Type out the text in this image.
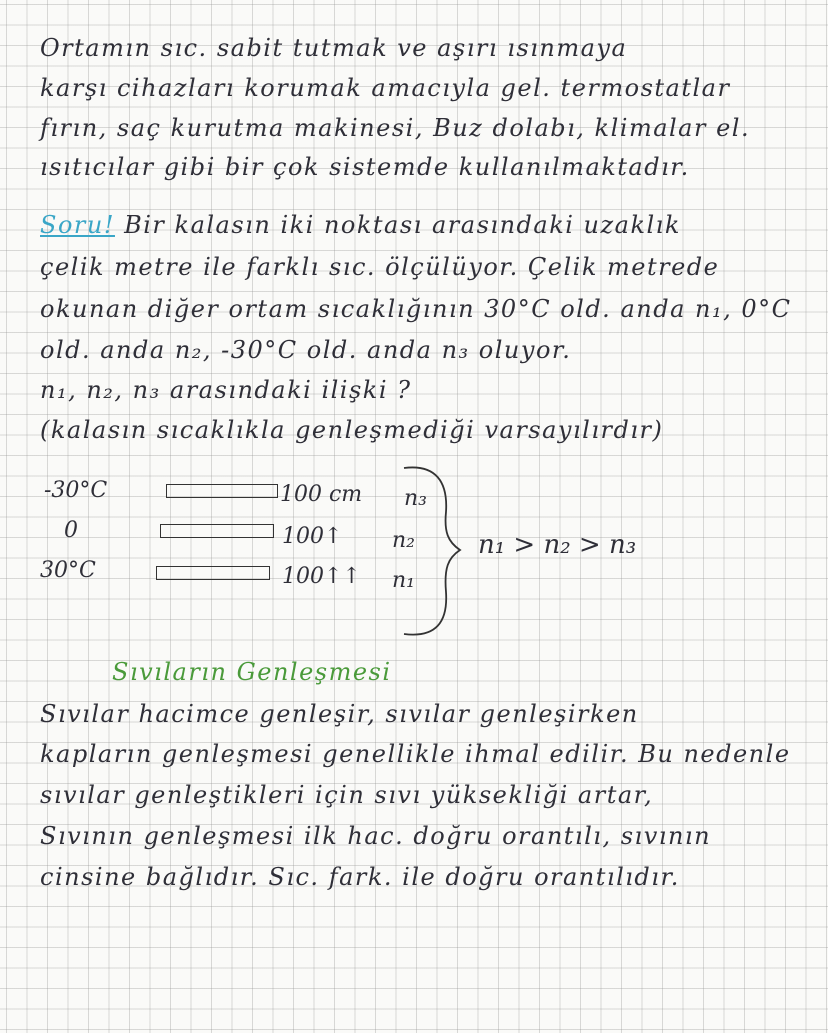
Ortamın sıc. sabit tutmak ve aşırı ısınmaya
karşı cihazları korumak amacıyla gel. termostatlar
fırın, saç kurutma makinesi, Buz dolabı, klimalar el.
ısıtıcılar gibi bir çok sistemde kullanılmaktadır.
Soru! Bir kalasın iki noktası arasındaki uzaklık
çelik metre ile farklı sıc. ölçülüyor. Çelik metrede
okunan diğer ortam sıcaklığının 30°C old. anda n₁, 0°C
old. anda n₂, -30°C old. anda n₃ oluyor.
n₁, n₂, n₃ arasındaki ilişki ?
(kalasın sıcaklıkla genleşmediği varsayılırdır)
-30°C	100 cm n₃
0	100↑ n₂
30°C	100↑↑ n₁
n₁ > n₂ > n₃
Sıvıların Genleşmesi
Sıvılar hacimce genleşir, sıvılar genleşirken
kapların genleşmesi genellikle ihmal edilir. Bu nedenle
sıvılar genleştikleri için sıvı yüksekliği artar,
Sıvının genleşmesi ilk hac. doğru orantılı, sıvının
cinsine bağlıdır. Sıc. fark. ile doğru orantılıdır.
